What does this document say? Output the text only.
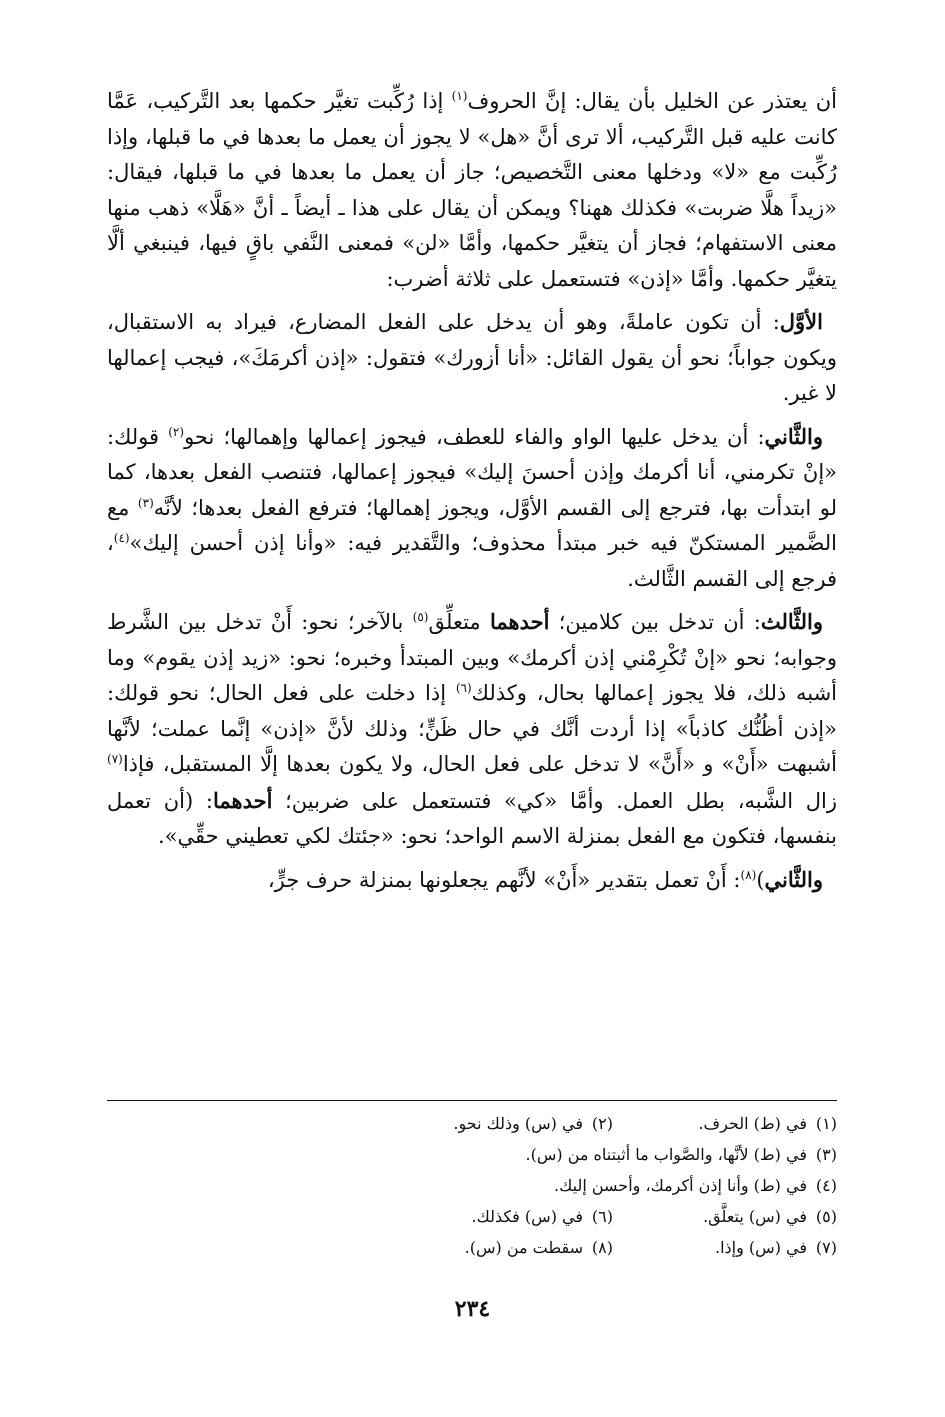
أن يعتذر عن الخليل بأن يقال: إنَّ الحروف$^{(١)}$ إذا رُكِّبت تغيَّر حكمها بعد التَّركيب، عَمَّا كانت عليه قبل التَّركيب، ألا ترى أنَّ «هل» لا يجوز أن يعمل ما بعدها في ما قبلها، وإذا رُكِّبت مع «لا» ودخلها معنى التَّخصيص؛ جاز أن يعمل ما بعدها في ما قبلها، فيقال: «زيداً هلَّا ضربت» فكذلك ههنا؟ ويمكن أن يقال على هذا ـ أيضاً ـ أنَّ «هَلَّا» ذهب منها معنى الاستفهام؛ فجاز أن يتغيَّر حكمها، وأمَّا «لن» فمعنى النَّفي باقٍ فيها، فينبغي ألَّا يتغيَّر حكمها. وأمَّا «إذن» فتستعمل على ثلاثة أضرب:

الأوَّل: أن تكون عاملةً، وهو أن يدخل على الفعل المضارع، فيراد به الاستقبال، ويكون جواباً؛ نحو أن يقول القائل: «أنا أزورك» فتقول: «إذن أكرمَكَ»، فيجب إعمالها لا غير.

والثَّاني: أن يدخل عليها الواو والفاء للعطف، فيجوز إعمالها وإهمالها؛ نحو$^{(٢)}$ قولك: «إنْ تكرمني، أنا أكرمك وإذن أحسنَ إليك» فيجوز إعمالها، فتنصب الفعل بعدها، كما لو ابتدأت بها، فترجع إلى القسم الأوَّل، ويجوز إهمالها؛ فترفع الفعل بعدها؛ لأنَّه$^{(٣)}$ مع الضَّمير المستكنّ فيه خبر مبتدأ محذوف؛ والتَّقدير فيه: «وأنا إذن أحسن إليك»$^{(٤)}$، فرجع إلى القسم الثَّالث.

والثَّالث: أن تدخل بين كلامين؛ أحدهما متعلِّق$^{(٥)}$ بالآخر؛ نحو: أَنْ تدخل بين الشَّرط وجوابه؛ نحو «إنْ تُكْرِمْني إذن أكرمك» وبين المبتدأ وخبره؛ نحو: «زيد إذن يقوم» وما أشبه ذلك، فلا يجوز إعمالها بحال، وكذلك$^{(٦)}$ إذا دخلت على فعل الحال؛ نحو قولك: «إذن أظُنُّك كاذباً» إذا أردت أنَّك في حال ظَنٍّ؛ وذلك لأنَّ «إذن» إنَّما عملت؛ لأنَّها أشبهت «أَنْ» و «أَنَّ» لا تدخل على فعل الحال، ولا يكون بعدها إلَّا المستقبل، فإذا$^{(٧)}$ زال الشَّبه، بطل العمل. وأمَّا «كي» فتستعمل على ضربين؛ أحدهما: (أن تعمل بنفسها، فتكون مع الفعل بمنزلة الاسم الواحد؛ نحو: «جئتك لكي تعطيني حقِّي».

والثَّاني)$^{(٨)}$: أَنْ تعمل بتقدير «أَنْ» لأنَّهم يجعلونها بمنزلة حرف جرٍّ،

(١)في (ط) الحرف.
(٢)في (س) وذلك نحو.
(٣)في (ط) لأنَّها، والصَّواب ما أثبتناه من (س).
(٤)في (ط) وأنا إذن أكرمك، وأحسن إليك.
(٥)في (س) يتعلَّق.
(٦)في (س) فكذلك.
(٧)في (س) وإذا.
(٨)سقطت من (س).
٢٣٤
